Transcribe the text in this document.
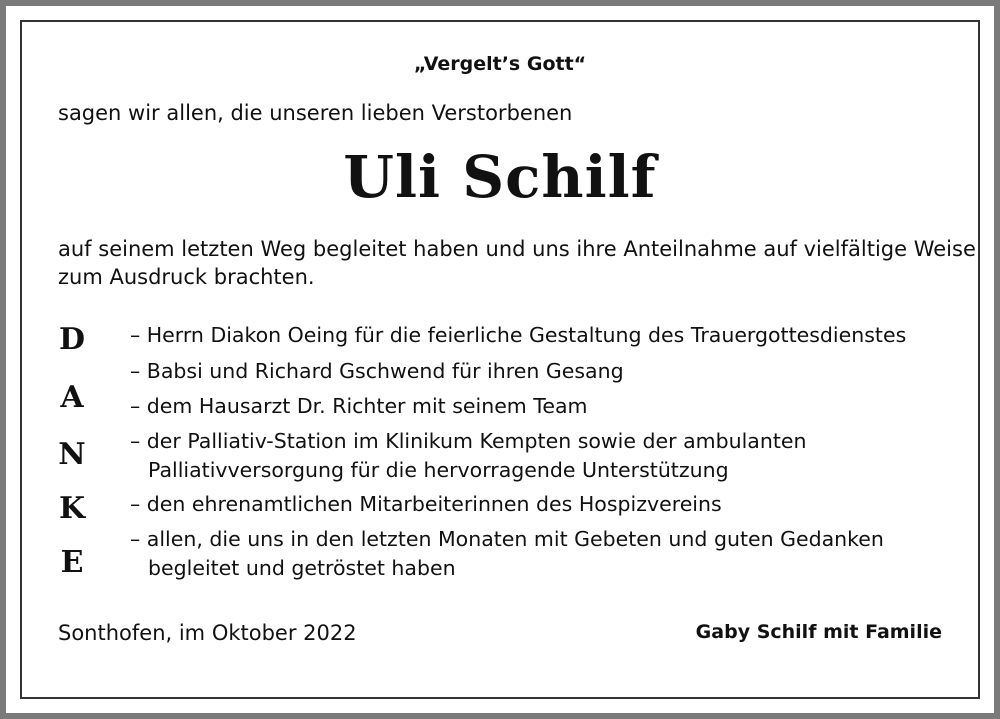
„Vergelt’s Gott“
sagen wir allen, die unseren lieben Verstorbenen
Uli Schilf
auf seinem letzten Weg begleitet haben und uns ihre Anteilnahme auf vielfältige Weise
zum Ausdruck brachten.
D
A
N
K
E
– Herrn Diakon Oeing für die feierliche Gestaltung des Trauergottesdienstes
– Babsi und Richard Gschwend für ihren Gesang
– dem Hausarzt Dr. Richter mit seinem Team
– der Palliativ-Station im Klinikum Kempten sowie der ambulanten
Palliativversorgung für die hervorragende Unterstützung
– den ehrenamtlichen Mitarbeiterinnen des Hospizvereins
– allen, die uns in den letzten Monaten mit Gebeten und guten Gedanken
begleitet und getröstet haben
Sonthofen, im Oktober 2022	Gaby Schilf mit Familie
